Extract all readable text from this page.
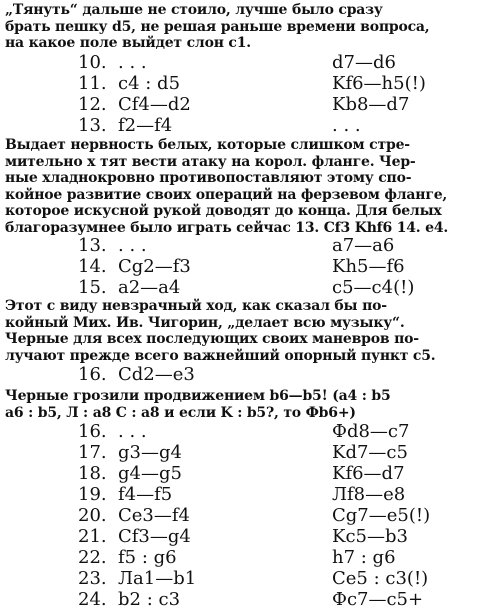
„Тянуть“ дальше не стоило, лучше было сразу
брать пешку d5, не решая раньше времени вопроса,
на какое поле выйдет слон c1.
10. . . .	d7—d6
11. c4 : d5	Kf6—h5(!)
12. Cf4—d2	Kb8—d7
13. f2—f4	. . .
Выдает нервность белых, которые слишком стре-
мительно х тят вести атаку на корол. фланге. Чер-
ные хладнокровно противопоставляют этому спо-
койное развитие своих операций на ферзевом фланге,
которое искусной рукой доводят до конца. Для белых
благоразумнее было играть сейчас 13. Cf3 Khf6 14. e4.
13. . . .	a7—a6
14. Cg2—f3	Kh5—f6
15. a2—a4	c5—c4(!)
Этот с виду невзрачный ход, как сказал бы по-
койный Мих. Ив. Чигорин, „делает всю музыку“.
Черные для всех последующих своих маневров по-
лучают прежде всего важнейший опорный пункт c5.
16. Cd2—e3
Черные грозили продвижением b6—b5! (a4 : b5
a6 : b5, Л : a8 C : a8 и если K : b5?, то Фb6+)
16. . . .	Фd8—c7
17. g3—g4	Kd7—c5
18. g4—g5	Kf6—d7
19. f4—f5	Лf8—e8
20. Ce3—f4	Cg7—e5(!)
21. Cf3—g4	Kc5—b3
22. f5 : g6	h7 : g6
23. Лa1—b1	Ce5 : c3(!)
24. b2 : c3	Фc7—c5+
